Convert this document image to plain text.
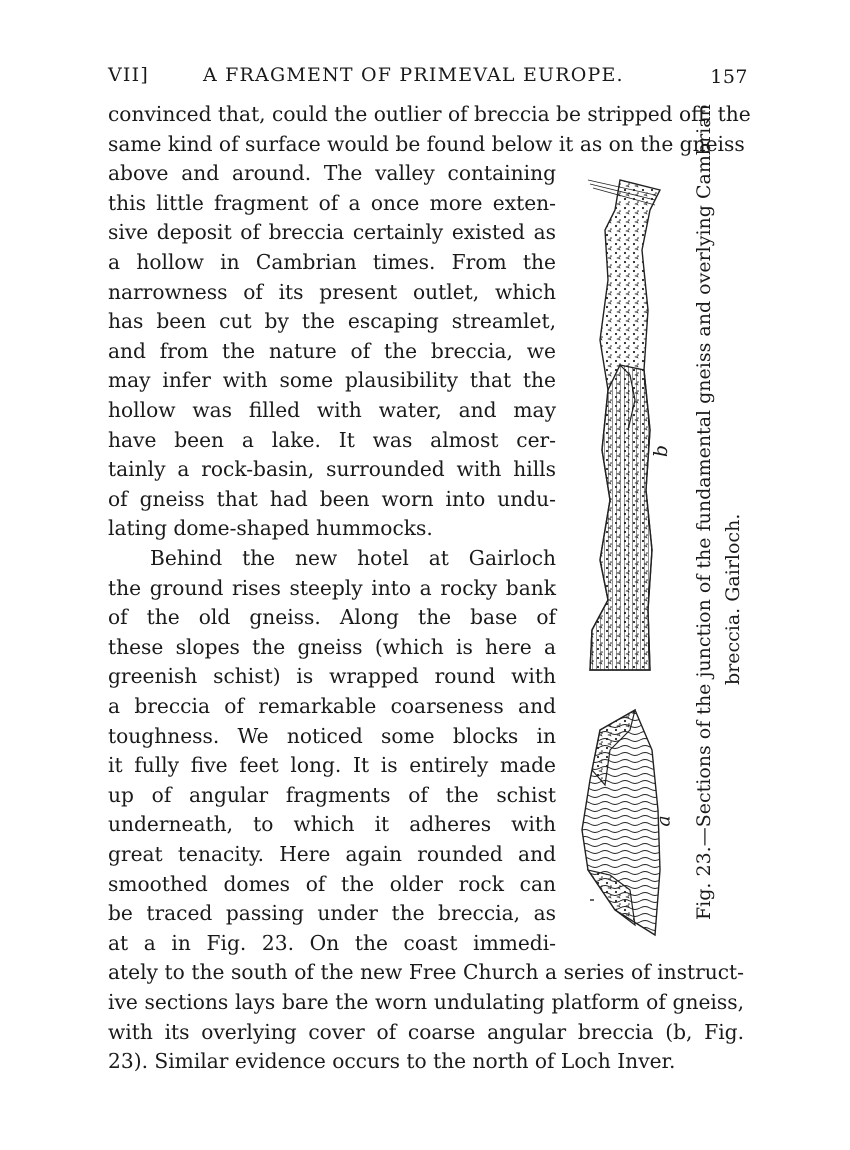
VII]	A FRAGMENT OF PRIMEVAL EUROPE.	157
convinced that, could the outlier of breccia be stripped off, the
same kind of surface would be found below it as on the gneiss
above and around. The valley containing
this little fragment of a once more exten-
sive deposit of breccia certainly existed as
a hollow in Cambrian times. From the
narrowness of its present outlet, which
has been cut by the escaping streamlet,
and from the nature of the breccia, we
may infer with some plausibility that the
hollow was filled with water, and may
have been a lake. It was almost cer-
tainly a rock-basin, surrounded with hills
of gneiss that had been worn into undu-
lating dome-shaped hummocks.
Behind the new hotel at Gairloch
the ground rises steeply into a rocky bank
of the old gneiss. Along the base of
these slopes the gneiss (which is here a
greenish schist) is wrapped round with
a breccia of remarkable coarseness and
toughness. We noticed some blocks in
it fully five feet long. It is entirely made
up of angular fragments of the schist
underneath, to which it adheres with
great tenacity. Here again rounded and
smoothed domes of the older rock can
be traced passing under the breccia, as
at a in Fig. 23. On the coast immedi-
ately to the south of the new Free Church a series of instruct-
ive sections lays bare the worn undulating platform of gneiss,
with its overlying cover of coarse angular breccia (b, Fig.
23). Similar evidence occurs to the north of Loch Inver.
b
a Fig. 23.—Sections of the junction of the fundamental gneiss and overlying Cambrian breccia. Gairloch.
